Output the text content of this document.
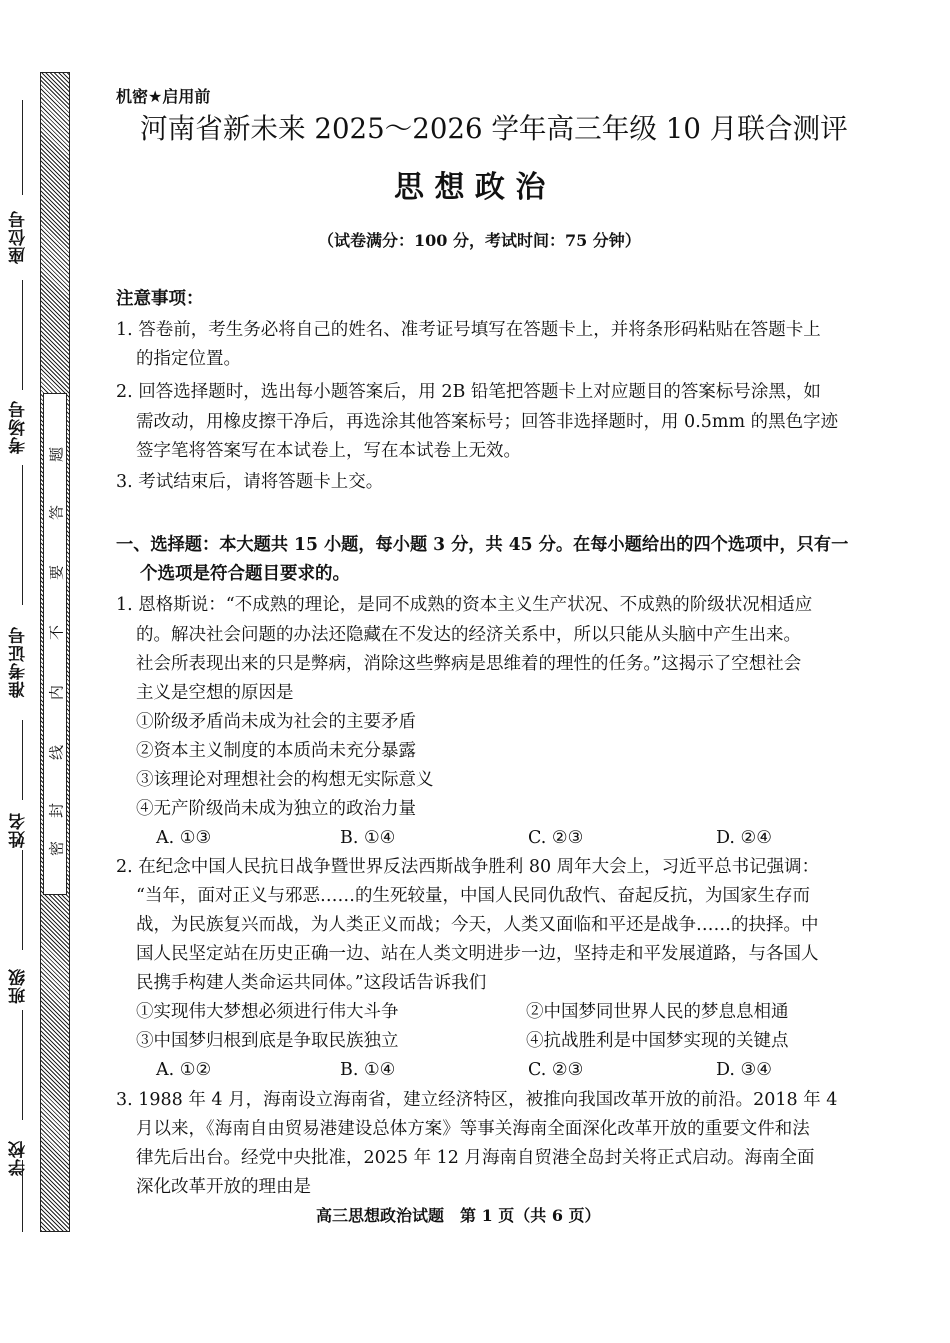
学校
班级
姓名
准考证号
考场号
座位号
题
答
要
不
内
线
封
密
机密★启用前
河南省新未来 2025～2026 学年高三年级 10 月联合测评
思 想 政 治
（试卷满分：100 分，考试时间：75 分钟）
注意事项：
1. 答卷前，考生务必将自己的姓名、准考证号填写在答题卡上，并将条形码粘贴在答题卡上
的指定位置。
2. 回答选择题时，选出每小题答案后，用 2B 铅笔把答题卡上对应题目的答案标号涂黑，如
需改动，用橡皮擦干净后，再选涂其他答案标号；回答非选择题时，用 0.5mm 的黑色字迹
签字笔将答案写在本试卷上，写在本试卷上无效。
3. 考试结束后，请将答题卡上交。
一、选择题：本大题共 15 小题，每小题 3 分，共 45 分。在每小题给出的四个选项中，只有一
个选项是符合题目要求的。
1. 恩格斯说：“不成熟的理论，是同不成熟的资本主义生产状况、不成熟的阶级状况相适应
的。解决社会问题的办法还隐藏在不发达的经济关系中，所以只能从头脑中产生出来。
社会所表现出来的只是弊病，消除这些弊病是思维着的理性的任务。”这揭示了空想社会
主义是空想的原因是
①阶级矛盾尚未成为社会的主要矛盾
②资本主义制度的本质尚未充分暴露
③该理论对理想社会的构想无实际意义
④无产阶级尚未成为独立的政治力量
A. ①③	B. ①④	C. ②③	D. ②④
2. 在纪念中国人民抗日战争暨世界反法西斯战争胜利 80 周年大会上，习近平总书记强调：
“当年，面对正义与邪恶……的生死较量，中国人民同仇敌忾、奋起反抗，为国家生存而
战，为民族复兴而战，为人类正义而战；今天，人类又面临和平还是战争……的抉择。中
国人民坚定站在历史正确一边、站在人类文明进步一边，坚持走和平发展道路，与各国人
民携手构建人类命运共同体。”这段话告诉我们
①实现伟大梦想必须进行伟大斗争	②中国梦同世界人民的梦息息相通
③中国梦归根到底是争取民族独立	④抗战胜利是中国梦实现的关键点
A. ①②	B. ①④	C. ②③	D. ③④
3. 1988 年 4 月，海南设立海南省，建立经济特区，被推向我国改革开放的前沿。2018 年 4
月以来，《海南自由贸易港建设总体方案》等事关海南全面深化改革开放的重要文件和法
律先后出台。经党中央批准，2025 年 12 月海南自贸港全岛封关将正式启动。海南全面
深化改革开放的理由是
高三思想政治试题　第 1 页（共 6 页）
